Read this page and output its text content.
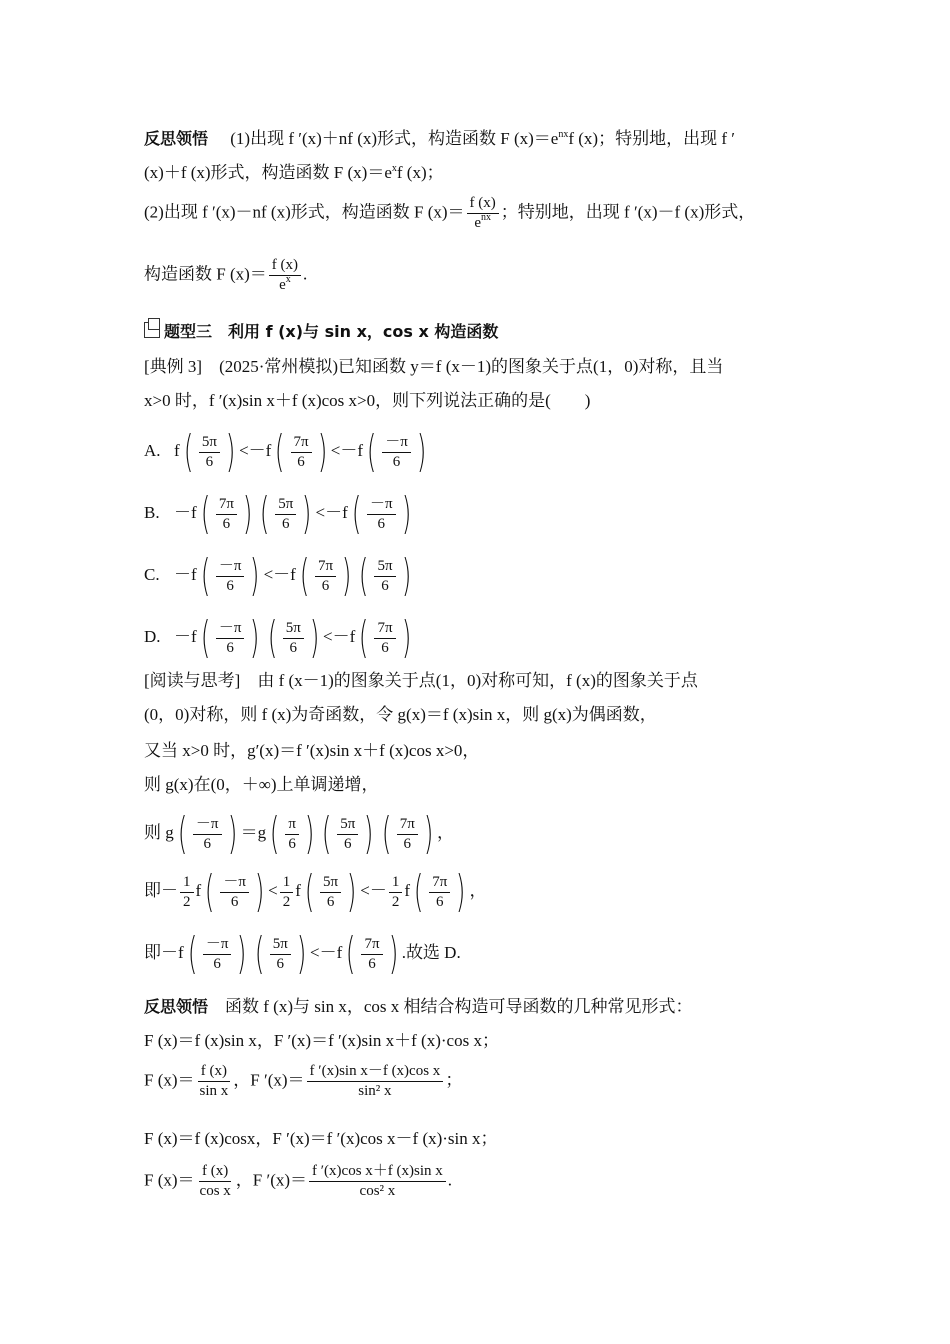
反思领悟 　 (1)出现 f ′(x)＋nf (x)形式，构造函数 F $(x)=e^{nx}f$ (x)；特别地，出现 f ′
(x)＋f (x)形式，构造函数 F $(x)=e^xf$ (x)；
(2)出现 f ′(x)－nf (x)形式，构造函数 F $(x)= \frac{f (x)}{e^{nx}}$ ；特别地，出现 f ′(x)－f (x)形式，
构造函数 F $(x)= \frac{f (x)}{e^x}$ .
题型三　利用 f (x)与 sin x，cos x 构造函数
[典例 3]　(2025·常州模拟)已知函数 y＝f (x－1)的图象关于点(1，0)对称，且当
x>0 时，f ′(x)sin x＋f (x)cos x>0，则下列说法正确的是(　　)
A. f ( $\frac{5\pi}{6}$ ) <－f ( $\frac{7\pi}{6}$ ) <－f ( $\frac{-\pi}{6}$ )
B. －f ( $\frac{7\pi}{6}$ ) ( $\frac{5\pi}{6}$ ) <－f ( $\frac{-\pi}{6}$ )
C. －f ( $\frac{-\pi}{6}$ ) <－f ( $\frac{7\pi}{6}$ ) ( $\frac{5\pi}{6}$ )
D. －f ( $\frac{-\pi}{6}$ ) ( $\frac{5\pi}{6}$ ) <－f ( $\frac{7\pi}{6}$ )
[阅读与思考]　由 f (x－1)的图象关于点(1，0)对称可知，f (x)的图象关于点
(0，0)对称，则 f (x)为奇函数，令 g(x)＝f (x)sin x，则 g(x)为偶函数，
又当 x>0 时，g′(x)＝f ′(x)sin x＋f (x)cos x>0，
则 g(x)在(0，＋∞)上单调递增，
则 g ( $\frac{-\pi}{6}$ ) ＝g ( $\frac{\pi}{6}$ ) ( $\frac{5\pi}{6}$ ) ( $\frac{7\pi}{6}$ ) ，
即－ $\frac{1}{2}$ f ( $\frac{-\pi}{6}$ ) < $\frac{1}{2}$ f ( $\frac{5\pi}{6}$ ) <－ $\frac{1}{2}$ f ( $\frac{7\pi}{6}$ ) ，
即－f ( $\frac{-\pi}{6}$ ) ( $\frac{5\pi}{6}$ ) <－f ( $\frac{7\pi}{6}$ ) .故选 D.
反思领悟　函数 f (x)与 sin x，cos x 相结合构造可导函数的几种常见形式：
F (x)＝f (x)sin x，F ′(x)＝f ′(x)sin x＋f (x)·cos x；
F $(x)= \frac{f (x)}{\text{sin x}}$ ，F $'(x)= \frac{\text{f ′(x)sin x－f (x)cos x}}{\text{sin² x}}$ ；
F (x)＝f (x)cosx，F ′(x)＝f ′(x)cos x－f (x)·sin x；
F $(x)= \frac{f (x)}{\text{cos x}}$ ，F $'(x)= \frac{\text{f ′(x)cos x＋f (x)sin x}}{\text{cos² x}}$ .
